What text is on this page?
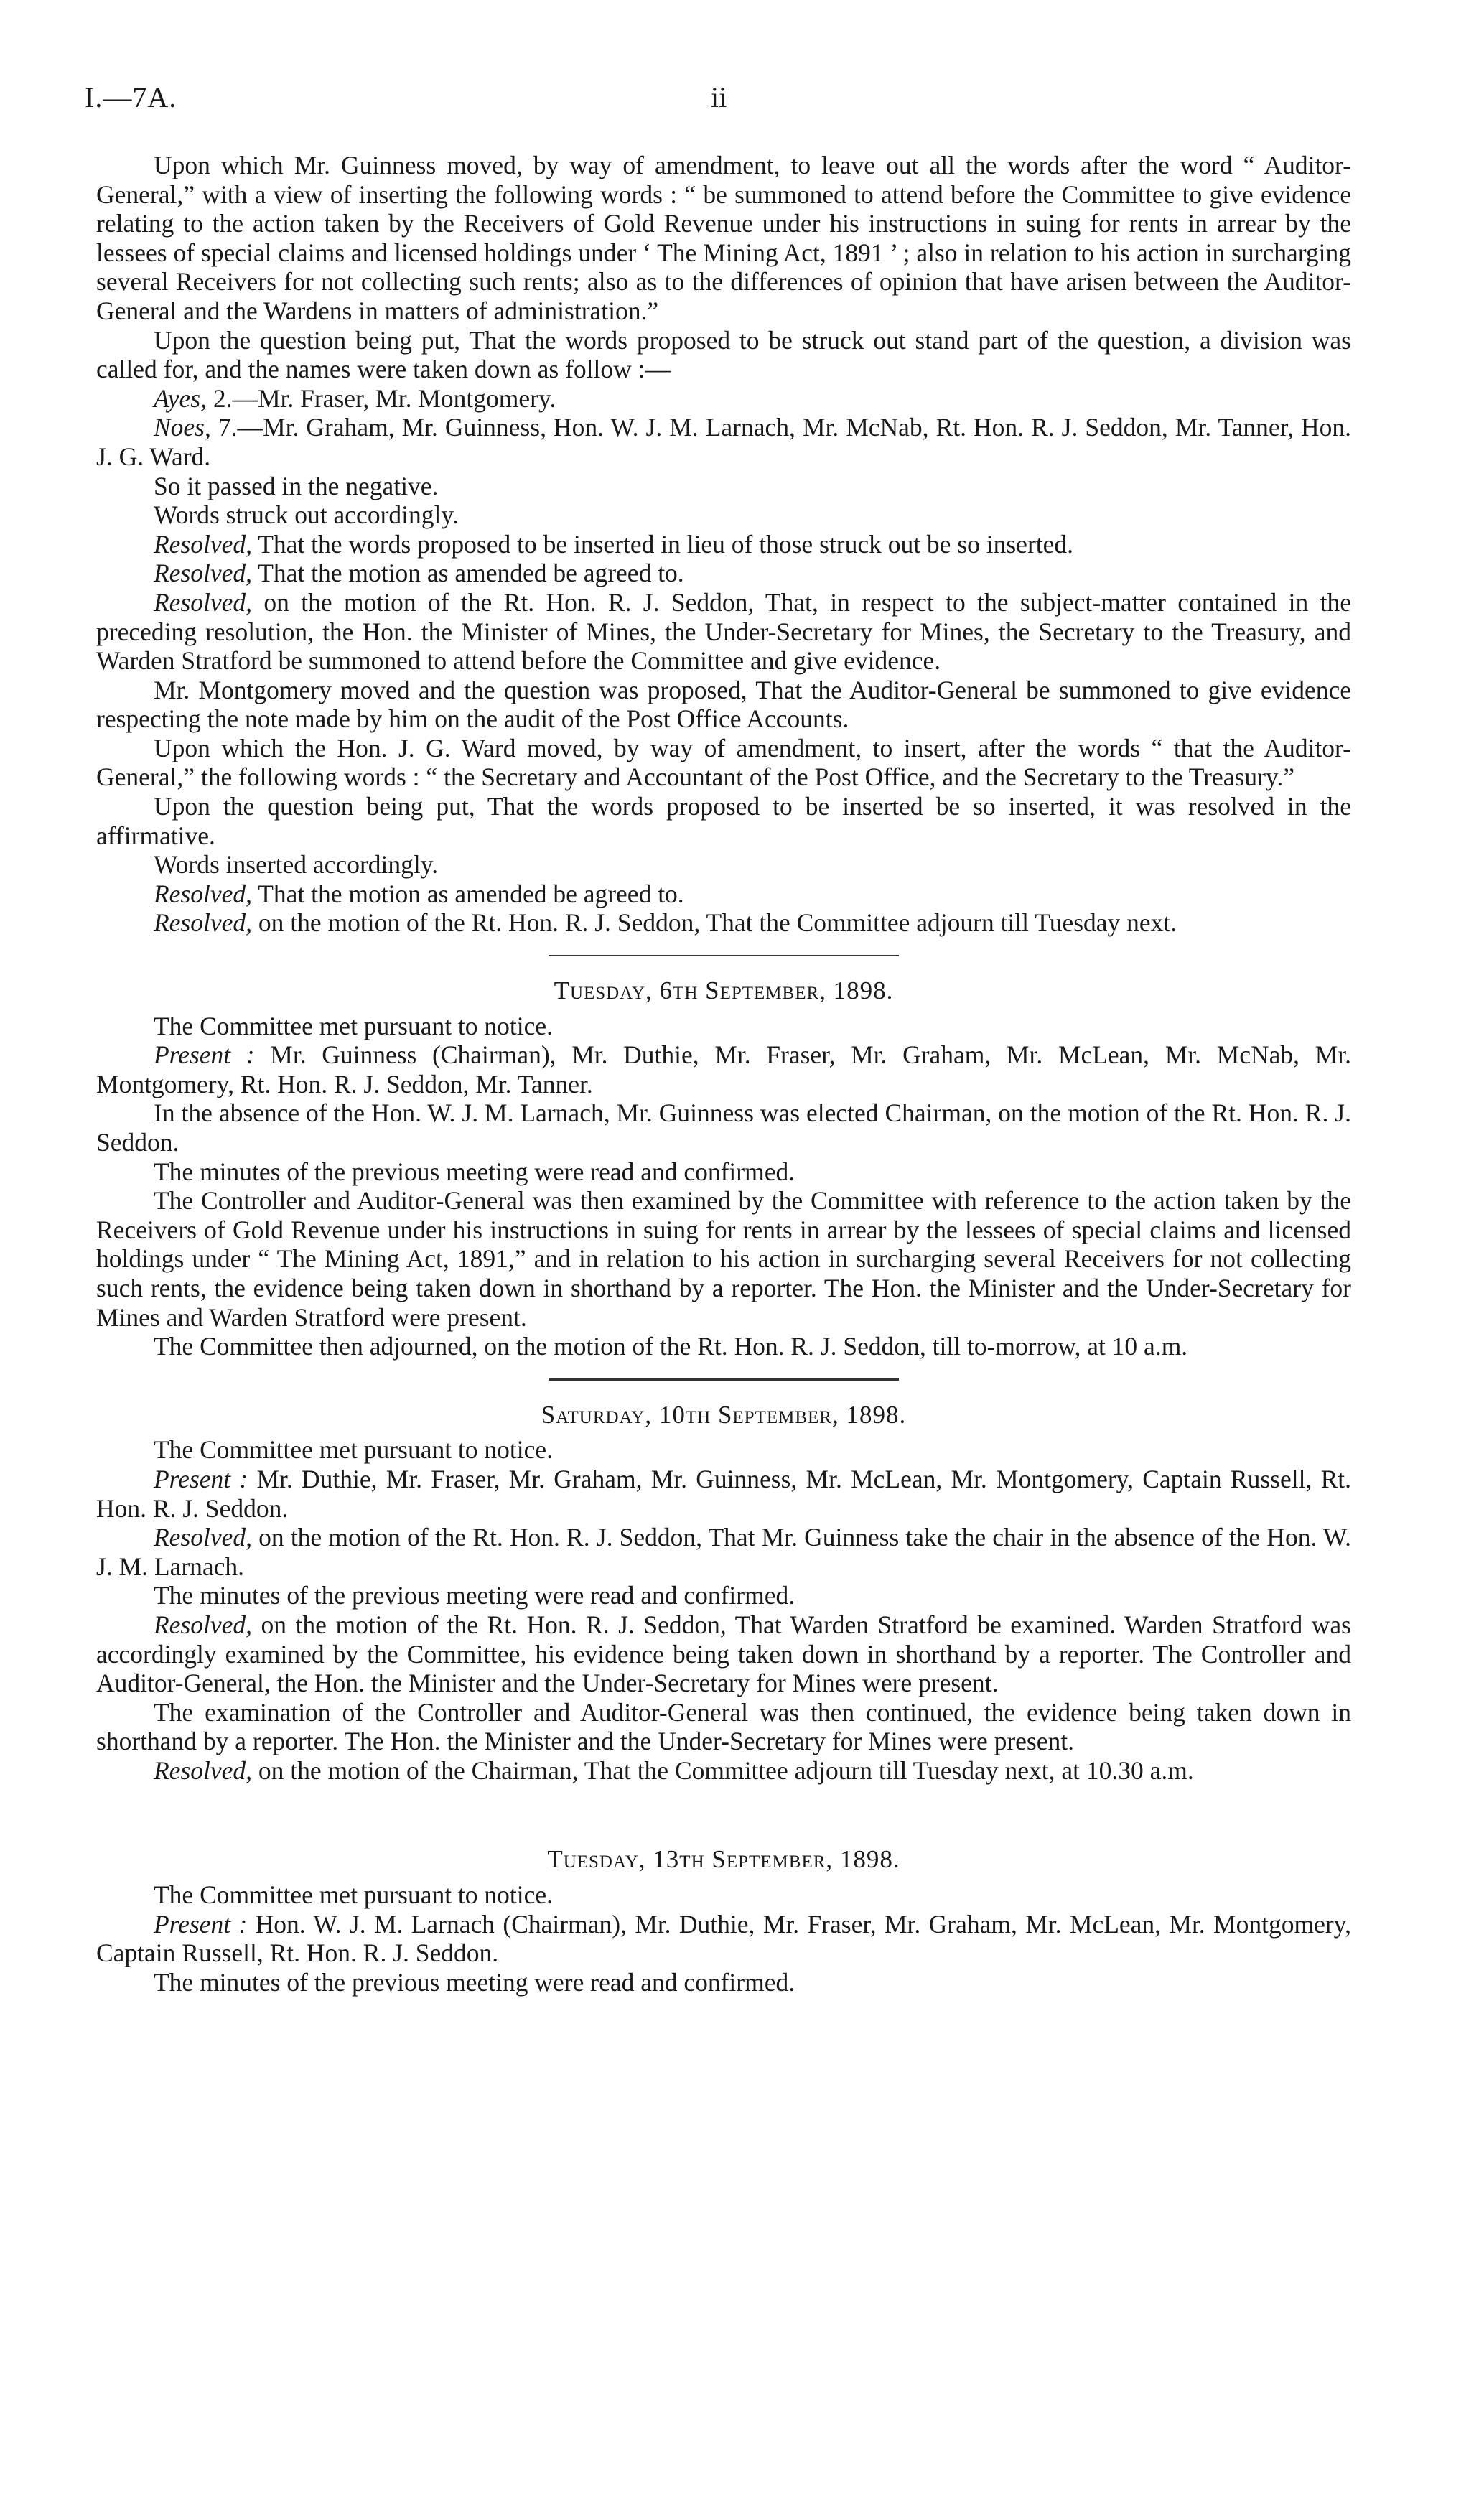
I.—7A.	ii

Upon which Mr. Guinness moved, by way of amendment, to leave out all the words after the word “ Auditor-General,” with a view of inserting the following words : “ be summoned to attend before the Committee to give evidence relating to the action taken by the Receivers of Gold Revenue under his instructions in suing for rents in arrear by the lessees of special claims and licensed holdings under ‘ The Mining Act, 1891 ’ ; also in relation to his action in surcharging several Receivers for not collecting such rents; also as to the differences of opinion that have arisen between the Auditor-General and the Wardens in matters of administration.”

Upon the question being put, That the words proposed to be struck out stand part of the question, a division was called for, and the names were taken down as follow :—

Ayes, 2.—Mr. Fraser, Mr. Montgomery.

Noes, 7.—Mr. Graham, Mr. Guinness, Hon. W. J. M. Larnach, Mr. McNab, Rt. Hon. R. J. Seddon, Mr. Tanner, Hon. J. G. Ward.

So it passed in the negative.

Words struck out accordingly.

Resolved, That the words proposed to be inserted in lieu of those struck out be so inserted.

Resolved, That the motion as amended be agreed to.

Resolved, on the motion of the Rt. Hon. R. J. Seddon, That, in respect to the subject-matter contained in the preceding resolution, the Hon. the Minister of Mines, the Under-Secretary for Mines, the Secretary to the Treasury, and Warden Stratford be summoned to attend before the Committee and give evidence.

Mr. Montgomery moved and the question was proposed, That the Auditor-General be summoned to give evidence respecting the note made by him on the audit of the Post Office Accounts.

Upon which the Hon. J. G. Ward moved, by way of amendment, to insert, after the words “ that the Auditor-General,” the following words : “ the Secretary and Accountant of the Post Office, and the Secretary to the Treasury.”

Upon the question being put, That the words proposed to be inserted be so inserted, it was resolved in the affirmative.

Words inserted accordingly.

Resolved, That the motion as amended be agreed to.

Resolved, on the motion of the Rt. Hon. R. J. Seddon, That the Committee adjourn till Tuesday next.

Tuesday, 6th September, 1898.

The Committee met pursuant to notice.

Present : Mr. Guinness (Chairman), Mr. Duthie, Mr. Fraser, Mr. Graham, Mr. McLean, Mr. McNab, Mr. Montgomery, Rt. Hon. R. J. Seddon, Mr. Tanner.

In the absence of the Hon. W. J. M. Larnach, Mr. Guinness was elected Chairman, on the motion of the Rt. Hon. R. J. Seddon.

The minutes of the previous meeting were read and confirmed.

The Controller and Auditor-General was then examined by the Committee with reference to the action taken by the Receivers of Gold Revenue under his instructions in suing for rents in arrear by the lessees of special claims and licensed holdings under “ The Mining Act, 1891,” and in relation to his action in surcharging several Receivers for not collecting such rents, the evidence being taken down in shorthand by a reporter. The Hon. the Minister and the Under-Secretary for Mines and Warden Stratford were present.

The Committee then adjourned, on the motion of the Rt. Hon. R. J. Seddon, till to-morrow, at 10 a.m.

Saturday, 10th September, 1898.

The Committee met pursuant to notice.

Present : Mr. Duthie, Mr. Fraser, Mr. Graham, Mr. Guinness, Mr. McLean, Mr. Montgomery, Captain Russell, Rt. Hon. R. J. Seddon.

Resolved, on the motion of the Rt. Hon. R. J. Seddon, That Mr. Guinness take the chair in the absence of the Hon. W. J. M. Larnach.

The minutes of the previous meeting were read and confirmed.

Resolved, on the motion of the Rt. Hon. R. J. Seddon, That Warden Stratford be examined. Warden Stratford was accordingly examined by the Committee, his evidence being taken down in shorthand by a reporter. The Controller and Auditor-General, the Hon. the Minister and the Under-Secretary for Mines were present.

The examination of the Controller and Auditor-General was then continued, the evidence being taken down in shorthand by a reporter. The Hon. the Minister and the Under-Secretary for Mines were present.

Resolved, on the motion of the Chairman, That the Committee adjourn till Tuesday next, at 10.30 a.m.

Tuesday, 13th September, 1898.

The Committee met pursuant to notice.

Present : Hon. W. J. M. Larnach (Chairman), Mr. Duthie, Mr. Fraser, Mr. Graham, Mr. McLean, Mr. Montgomery, Captain Russell, Rt. Hon. R. J. Seddon.

The minutes of the previous meeting were read and confirmed.
